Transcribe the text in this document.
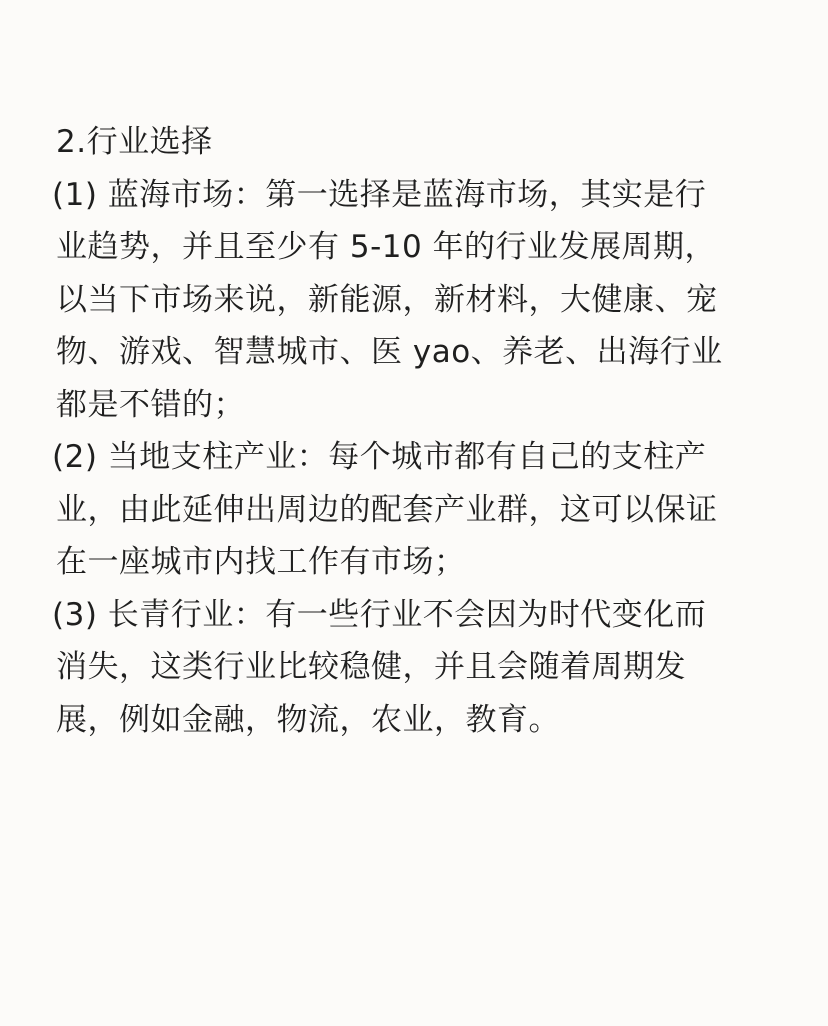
2.行业选择
(1) 蓝海市场：第一选择是蓝海市场，其实是行
业趋势，并且至少有 5-10 年的行业发展周期，
以当下市场来说，新能源，新材料，大健康、宠
物、游戏、智慧城市、医 yao、养老、出海行业
都是不错的；
(2) 当地支柱产业：每个城市都有自己的支柱产
业，由此延伸出周边的配套产业群，这可以保证
在一座城市内找工作有市场；
(3) 长青行业：有一些行业不会因为时代变化而
消失，这类行业比较稳健，并且会随着周期发
展，例如金融，物流，农业，教育。
